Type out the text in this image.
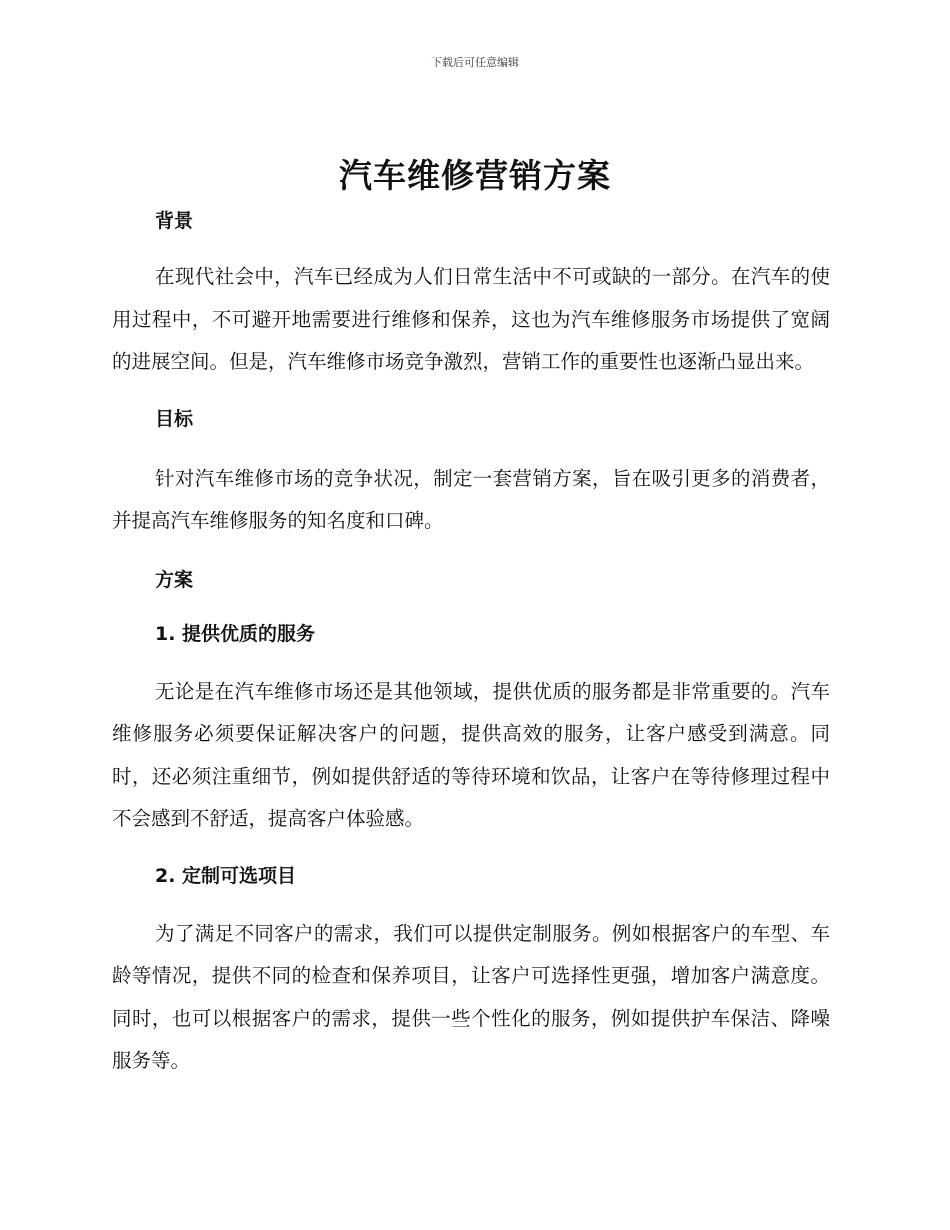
下载后可任意编辑
汽车维修营销方案

背景

在现代社会中，汽车已经成为人们日常生活中不可或缺的一部分。在汽车的使用过程中，不可避开地需要进行维修和保养，这也为汽车维修服务市场提供了宽阔的进展空间。但是，汽车维修市场竞争激烈，营销工作的重要性也逐渐凸显出来。

目标

针对汽车维修市场的竞争状况，制定一套营销方案，旨在吸引更多的消费者，并提高汽车维修服务的知名度和口碑。

方案

1. 提供优质的服务

无论是在汽车维修市场还是其他领域，提供优质的服务都是非常重要的。汽车维修服务必须要保证解决客户的问题，提供高效的服务，让客户感受到满意。同时，还必须注重细节，例如提供舒适的等待环境和饮品，让客户在等待修理过程中不会感到不舒适，提高客户体验感。

2. 定制可选项目

为了满足不同客户的需求，我们可以提供定制服务。例如根据客户的车型、车龄等情况，提供不同的检查和保养项目，让客户可选择性更强，增加客户满意度。同时，也可以根据客户的需求，提供一些个性化的服务，例如提供护车保洁、降噪服务等。
